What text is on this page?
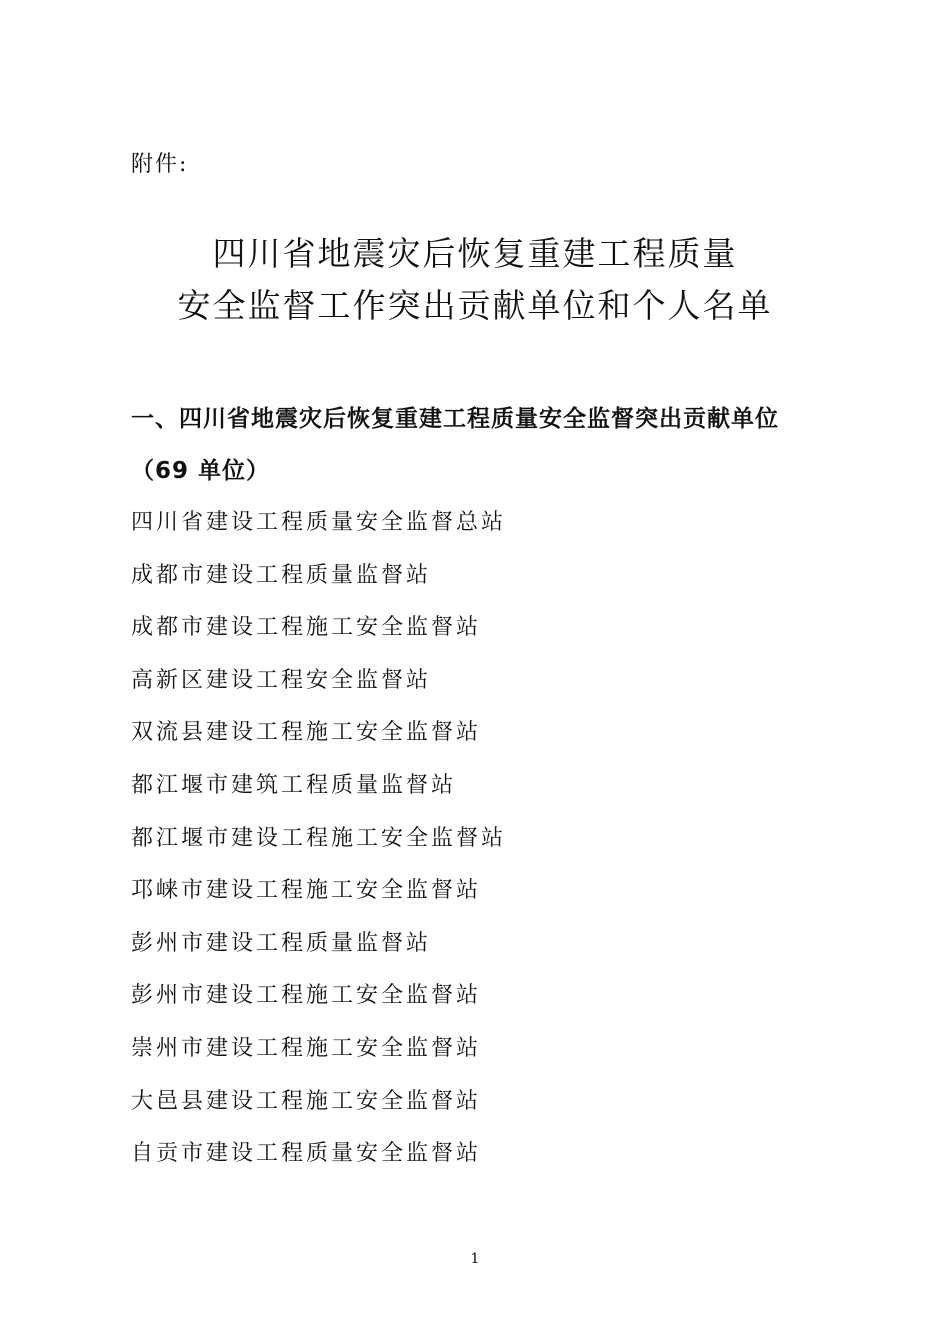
附件:
四川省地震灾后恢复重建工程质量
安全监督工作突出贡献单位和个人名单
一、四川省地震灾后恢复重建工程质量安全监督突出贡献单位
（69 单位）
四川省建设工程质量安全监督总站
成都市建设工程质量监督站
成都市建设工程施工安全监督站
高新区建设工程安全监督站
双流县建设工程施工安全监督站
都江堰市建筑工程质量监督站
都江堰市建设工程施工安全监督站
邛崃市建设工程施工安全监督站
彭州市建设工程质量监督站
彭州市建设工程施工安全监督站
崇州市建设工程施工安全监督站
大邑县建设工程施工安全监督站
自贡市建设工程质量安全监督站
1
